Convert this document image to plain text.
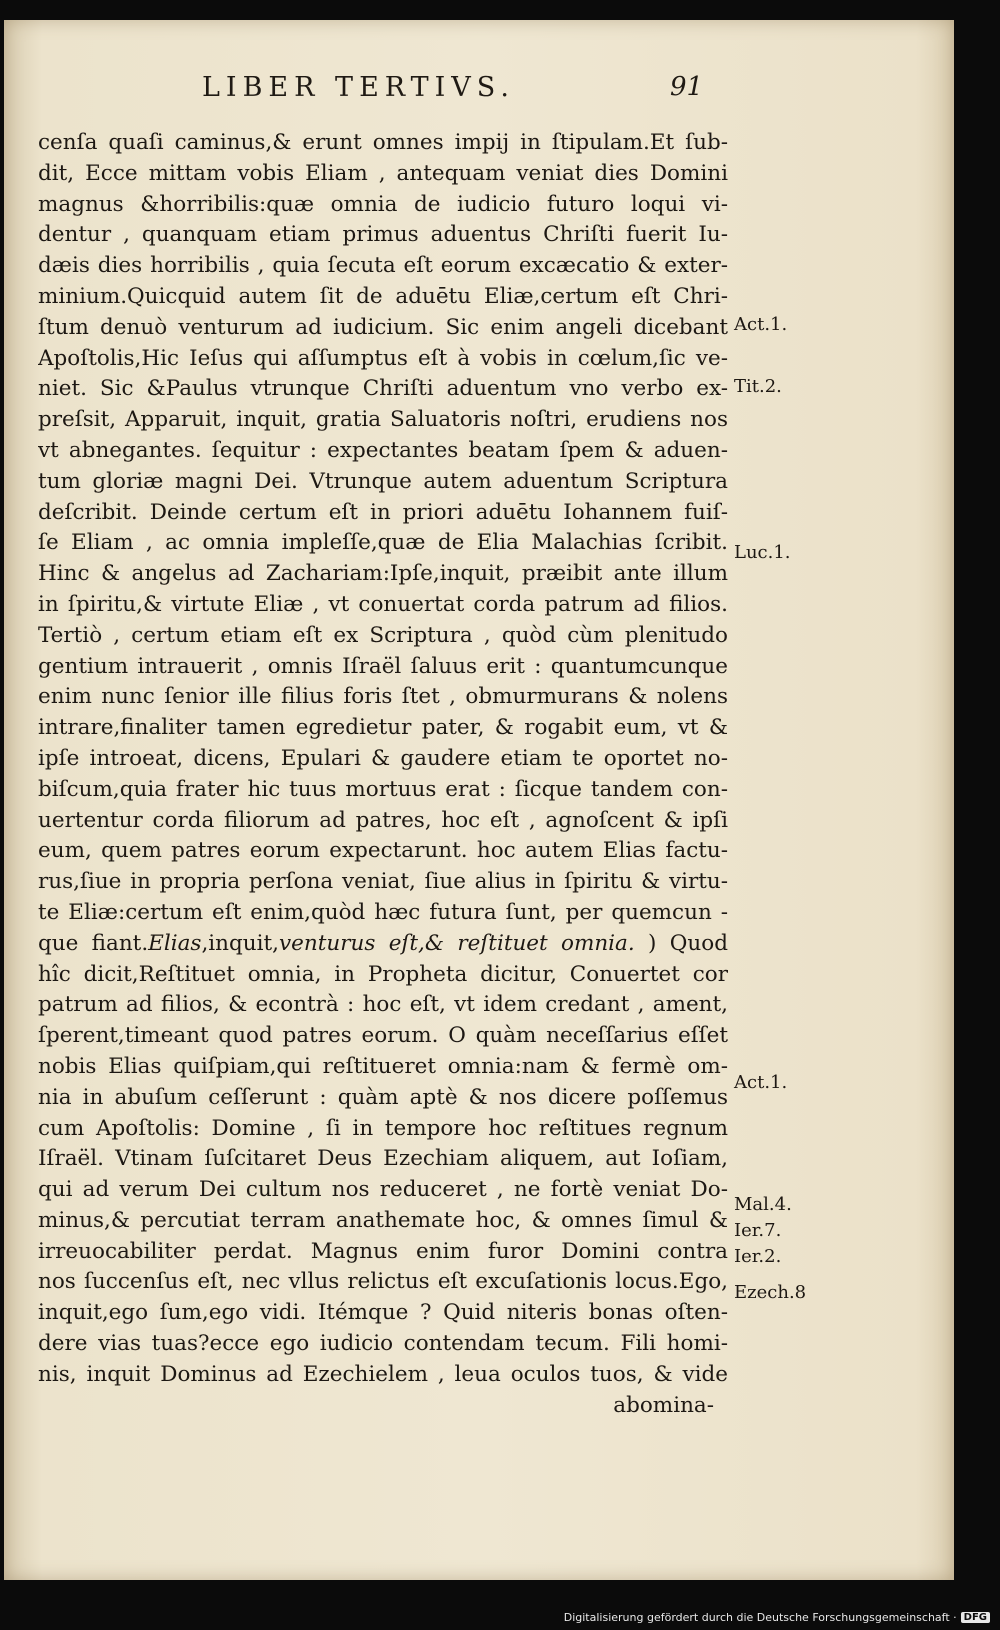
LIBER TERTIVS.	91
cenſa quaſi caminus,& erunt omnes impij in ſtipulam.Et ſub-
dit, Ecce mittam vobis Eliam , antequam veniat dies Domini
magnus &horribilis:quæ omnia de iudicio futuro loqui vi-
dentur , quanquam etiam primus aduentus Chriſti fuerit Iu-
dæis dies horribilis , quia ſecuta eſt eorum excæcatio & exter-
minium.Quicquid autem ſit de aduētu Eliæ,certum eſt Chri-
ſtum denuò venturum ad iudicium. Sic enim angeli dicebant
Apoſtolis,Hic Ieſus qui aſſumptus eſt à vobis in cœlum,ſic ve-
niet. Sic &Paulus vtrunque Chriſti aduentum vno verbo ex-
preſsit, Apparuit, inquit, gratia Saluatoris noſtri, erudiens nos
vt abnegantes. ſequitur : expectantes beatam ſpem & aduen-
tum gloriæ magni Dei. Vtrunque autem aduentum Scriptura
deſcribit. Deinde certum eſt in priori aduētu Iohannem fuiſ-
ſe Eliam , ac omnia impleſſe,quæ de Elia Malachias ſcribit.
Hinc & angelus ad Zachariam:Ipſe,inquit, præibit ante illum
in ſpiritu,& virtute Eliæ , vt conuertat corda patrum ad filios.
Tertiò , certum etiam eſt ex Scriptura , quòd cùm plenitudo
gentium intrauerit , omnis Iſraël ſaluus erit : quantumcunque
enim nunc ſenior ille filius foris ſtet , obmurmurans & nolens
intrare,finaliter tamen egredietur pater, & rogabit eum, vt &
ipſe introeat, dicens, Epulari & gaudere etiam te oportet no-
biſcum,quia frater hic tuus mortuus erat : ſicque tandem con-
uertentur corda filiorum ad patres, hoc eſt , agnoſcent & ipſi
eum, quem patres eorum expectarunt. hoc autem Elias factu-
rus,ſiue in propria perſona veniat, ſiue alius in ſpiritu & virtu-
te Eliæ:certum eſt enim,quòd hæc futura ſunt, per quemcun -
que fiant.Elias,inquit,venturus eſt,& reſtituet omnia. ) Quod
hîc dicit,Reſtituet omnia, in Propheta dicitur, Conuertet cor
patrum ad filios, & econtrà : hoc eſt, vt idem credant , ament,
ſperent,timeant quod patres eorum. O quàm neceſſarius eſſet
nobis Elias quiſpiam,qui reſtitueret omnia:nam & fermè om-
nia in abuſum ceſſerunt : quàm aptè & nos dicere poſſemus
cum Apoſtolis: Domine , ſi in tempore hoc reſtitues regnum
Iſraël. Vtinam ſuſcitaret Deus Ezechiam aliquem, aut Ioſiam,
qui ad verum Dei cultum nos reduceret , ne fortè veniat Do-
minus,& percutiat terram anathemate hoc, & omnes ſimul &
irreuocabiliter perdat. Magnus enim furor Domini contra
nos ſuccenſus eſt, nec vllus relictus eſt excuſationis locus.Ego,
inquit,ego ſum,ego vidi. Itémque ? Quid niteris bonas oſten-
dere vias tuas?ecce ego iudicio contendam tecum. Fili homi-
nis, inquit Dominus ad Ezechielem , leua oculos tuos, & vide
abomina-
Act.1.
Tit.2.
Luc.1.
Act.1.
Mal.4.
Ier.7.
Ier.2.
Ezech.8
Digitalisierung gefördert durch die Deutsche Forschungsgemeinschaft · DFG
